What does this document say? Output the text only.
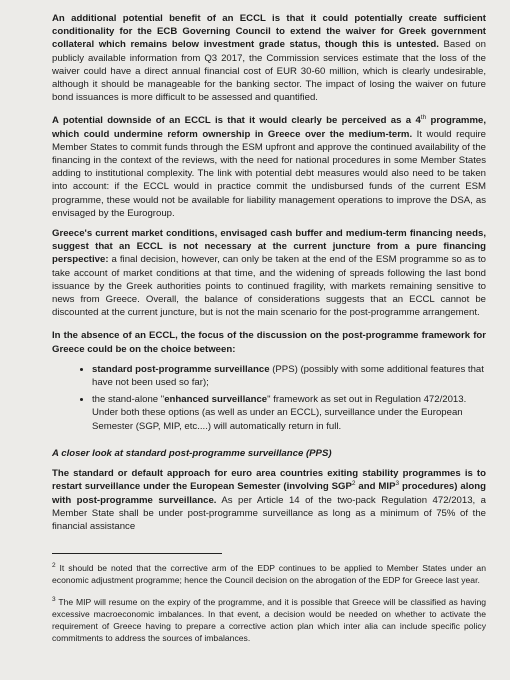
An additional potential benefit of an ECCL is that it could potentially create sufficient conditionality for the ECB Governing Council to extend the waiver for Greek government collateral which remains below investment grade status, though this is untested. Based on publicly available information from Q3 2017, the Commission services estimate that the loss of the waiver could have a direct annual financial cost of EUR 30-60 million, which is clearly undesirable, although it should be manageable for the banking sector. The impact of losing the waiver on future bond issuances is more difficult to be assessed and quantified.

A potential downside of an ECCL is that it would clearly be perceived as a 4th programme, which could undermine reform ownership in Greece over the medium-term. It would require Member States to commit funds through the ESM upfront and approve the continued availability of the financing in the context of the reviews, with the need for national procedures in some Member States adding to institutional complexity. The link with potential debt measures would also need to be taken into account: if the ECCL would in practice commit the undisbursed funds of the current ESM programme, these would not be available for liability management operations to improve the DSA, as envisaged by the Eurogroup.

Greece's current market conditions, envisaged cash buffer and medium-term financing needs, suggest that an ECCL is not necessary at the current juncture from a pure financing perspective: a final decision, however, can only be taken at the end of the ESM programme so as to take account of market conditions at that time, and the widening of spreads following the last bond issuance by the Greek authorities points to continued fragility, with markets remaining sensitive to news from Greece. Overall, the balance of considerations suggests that an ECCL cannot be discounted at the current juncture, but is not the main scenario for the post-programme arrangement.

In the absence of an ECCL, the focus of the discussion on the post-programme framework for Greece could be on the choice between:

• standard post-programme surveillance (PPS) (possibly with some additional features that have not been used so far);
• the stand-alone "enhanced surveillance" framework as set out in Regulation 472/2013. Under both these options (as well as under an ECCL), surveillance under the European Semester (SGP, MIP, etc....) will automatically return in full.

A closer look at standard post-programme surveillance (PPS)

The standard or default approach for euro area countries exiting stability programmes is to restart surveillance under the European Semester (involving SGP$^2$ and MIP$^3$ procedures) along with post-programme surveillance. As per Article 14 of the two-pack Regulation 472/2013, a Member State shall be under post-programme surveillance as long as a minimum of 75% of the financial assistance

$^2$ It should be noted that the corrective arm of the EDP continues to be applied to Member States under an economic adjustment programme; hence the Council decision on the abrogation of the EDP for Greece last year.

$^3$ The MIP will resume on the expiry of the programme, and it is possible that Greece will be classified as having excessive macroeconomic imbalances. In that event, a decision would be needed on whether to activate the requirement of Greece having to prepare a corrective action plan which inter alia can include specific policy commitments to address the sources of imbalances.
